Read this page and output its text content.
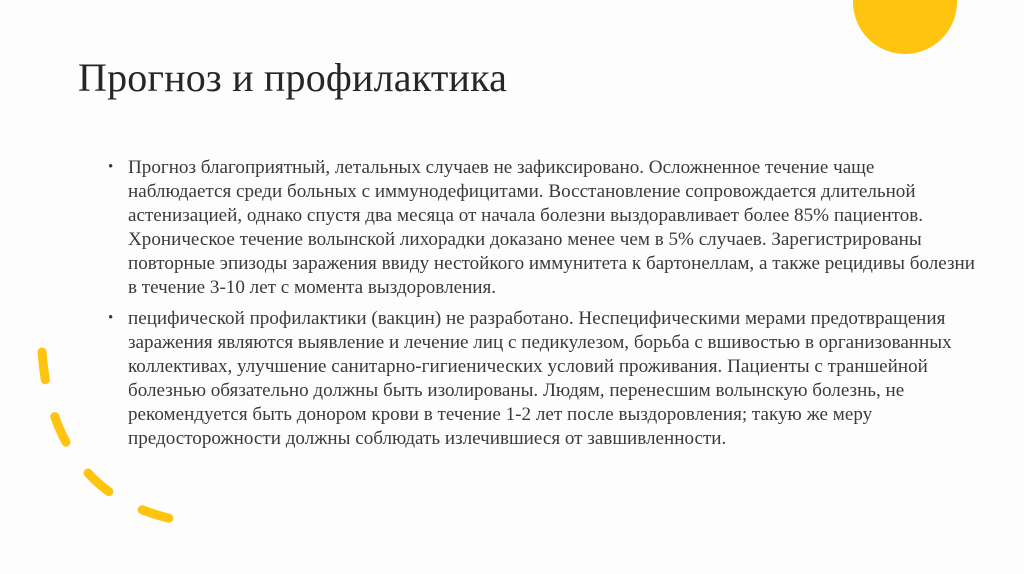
Прогноз и профилактика
• Прогноз благоприятный, летальных случаев не зафиксировано. Осложненное течение чаще наблюдается среди больных с иммунодефицитами. Восстановление сопровождается длительной астенизацией, однако спустя два месяца от начала болезни выздоравливает более 85% пациентов. Хроническое течение волынской лихорадки доказано менее чем в 5% случаев. Зарегистрированы повторные эпизоды заражения ввиду нестойкого иммунитета к бартонеллам, а также рецидивы болезни в течение 3-10 лет с момента выздоровления.
• пецифической профилактики (вакцин) не разработано. Неспецифическими мерами предотвращения заражения являются выявление и лечение лиц с педикулезом, борьба с вшивостью в организованных коллективах, улучшение санитарно-гигиенических условий проживания. Пациенты с траншейной болезнью обязательно должны быть изолированы. Людям, перенесшим волынскую болезнь, не рекомендуется быть донором крови в течение 1-2 лет после выздоровления; такую же меру предосторожности должны соблюдать излечившиеся от завшивленности.
